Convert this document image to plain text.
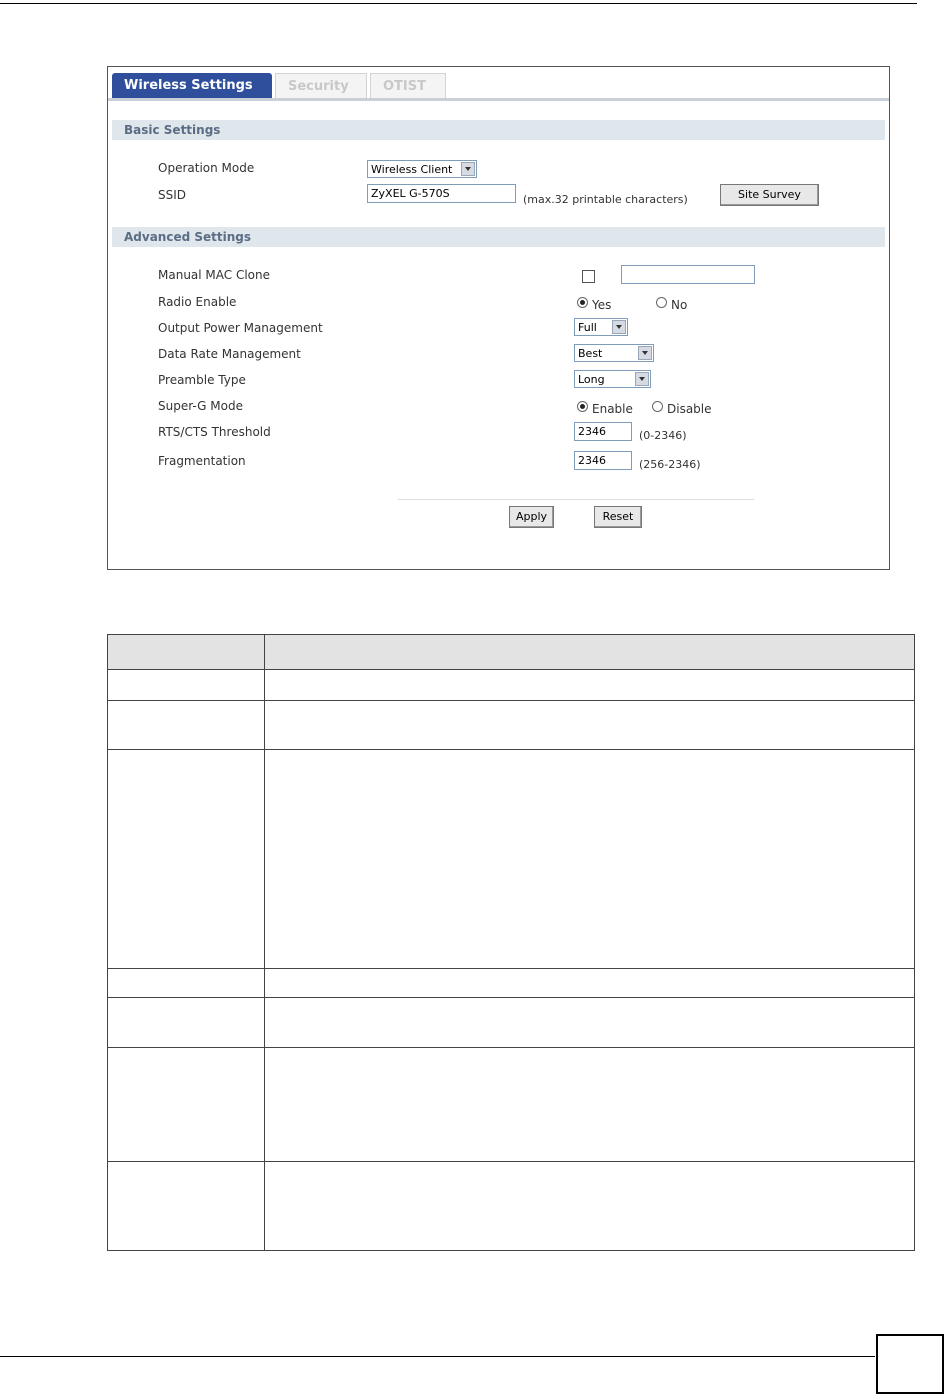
Wireless Settings	Security	OTIST
Basic Settings
Operation Mode	Wireless Client
SSID	ZyXEL G-570S	(max.32 printable characters)	Site Survey
Advanced Settings
Manual MAC Clone
Radio Enable	Yes	No
Output Power Management	Full
Data Rate Management	Best
Preamble Type	Long
Super-G Mode	Enable	Disable
RTS/CTS Threshold	2346	(0-2346)
Fragmentation	2346	(256-2346)
Apply	Reset
